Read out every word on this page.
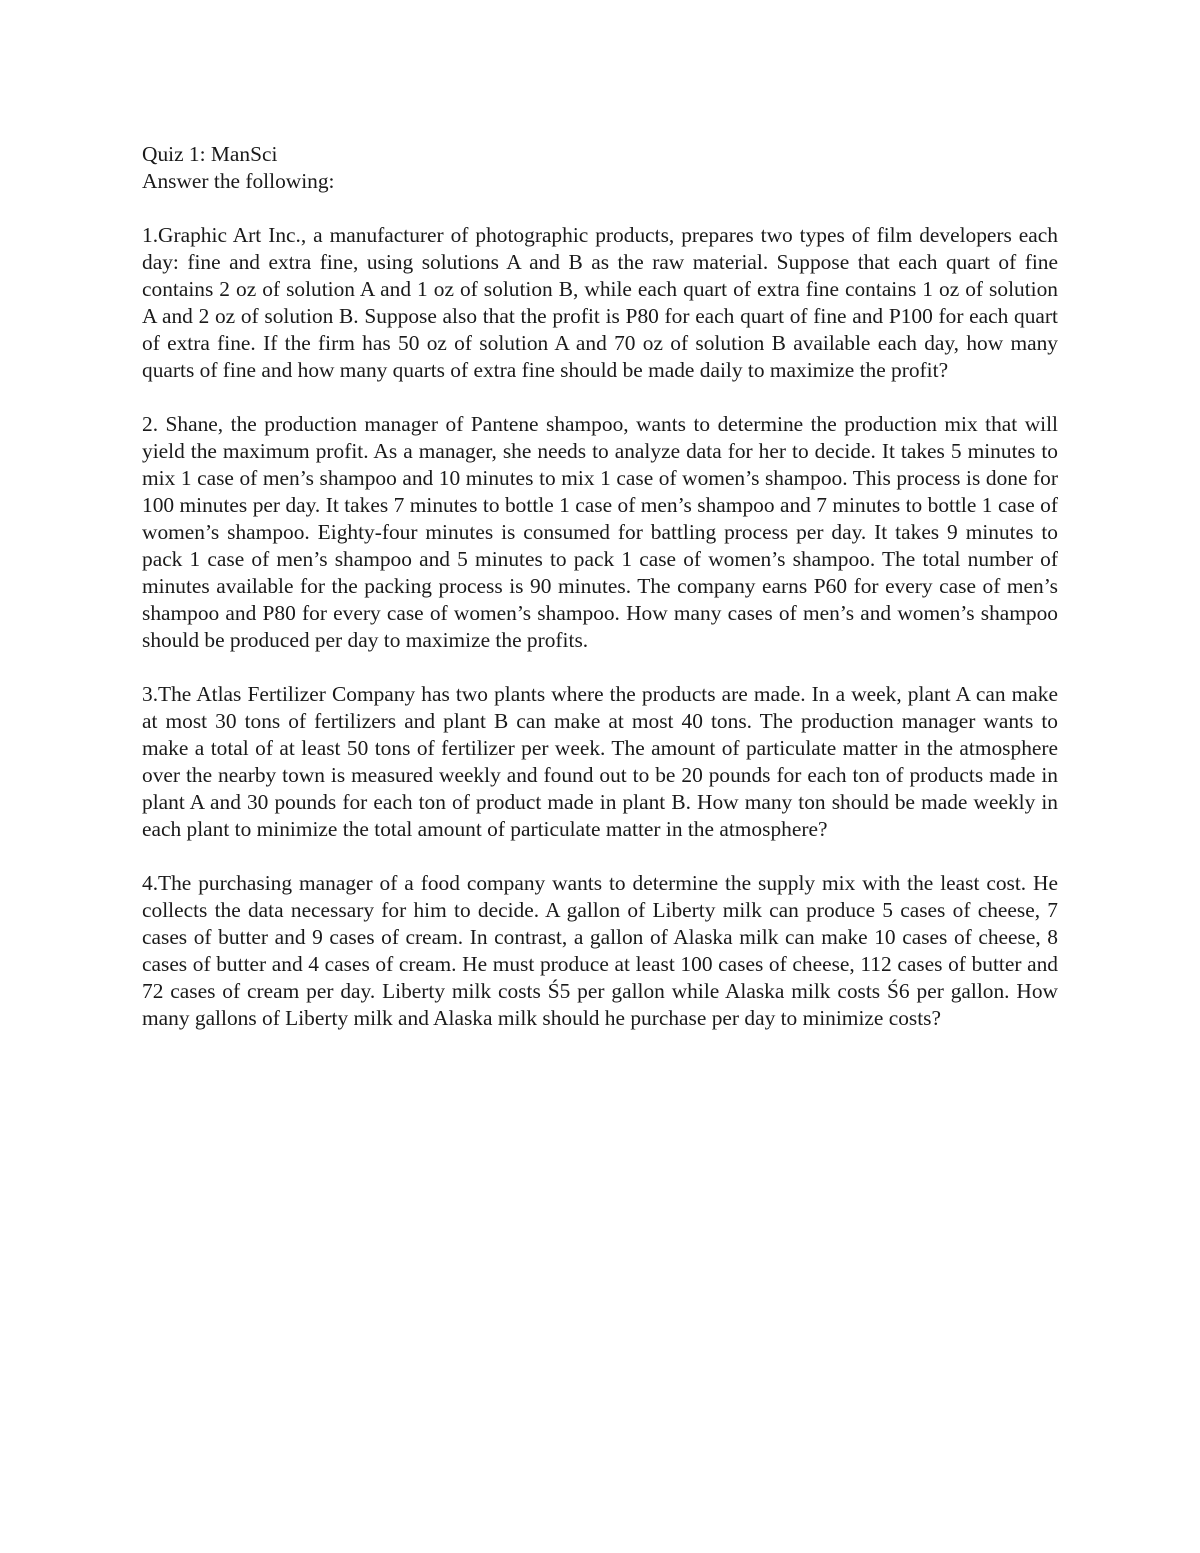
Quiz 1: ManSci
Answer the following:

1.Graphic Art Inc., a manufacturer of photographic products, prepares two types of film developers each day: fine and extra fine, using solutions A and B as the raw material. Suppose that each quart of fine contains 2 oz of solution A and 1 oz of solution B, while each quart of extra fine contains 1 oz of solution A and 2 oz of solution B. Suppose also that the profit is P80 for each quart of fine and P100 for each quart of extra fine. If the firm has 50 oz of solution A and 70 oz of solution B available each day, how many quarts of fine and how many quarts of extra fine should be made daily to maximize the profit?

2. Shane, the production manager of Pantene shampoo, wants to determine the production mix that will yield the maximum profit. As a manager, she needs to analyze data for her to decide. It takes 5 minutes to mix 1 case of men’s shampoo and 10 minutes to mix 1 case of women’s shampoo. This process is done for 100 minutes per day. It takes 7 minutes to bottle 1 case of men’s shampoo and 7 minutes to bottle 1 case of women’s shampoo. Eighty-four minutes is consumed for battling process per day. It takes 9 minutes to pack 1 case of men’s shampoo and 5 minutes to pack 1 case of women’s shampoo. The total number of minutes available for the packing process is 90 minutes. The company earns P60 for every case of men’s shampoo and P80 for every case of women’s shampoo. How many cases of men’s and women’s shampoo should be produced per day to maximize the profits.

3.The Atlas Fertilizer Company has two plants where the products are made. In a week, plant A can make at most 30 tons of fertilizers and plant B can make at most 40 tons. The production manager wants to make a total of at least 50 tons of fertilizer per week. The amount of particulate matter in the atmosphere over the nearby town is measured weekly and found out to be 20 pounds for each ton of products made in plant A and 30 pounds for each ton of product made in plant B. How many ton should be made weekly in each plant to minimize the total amount of particulate matter in the atmosphere?

4.The purchasing manager of a food company wants to determine the supply mix with the least cost. He collects the data necessary for him to decide. A gallon of Liberty milk can produce 5 cases of cheese, 7 cases of butter and 9 cases of cream. In contrast, a gallon of Alaska milk can make 10 cases of cheese, 8 cases of butter and 4 cases of cream. He must produce at least 100 cases of cheese, 112 cases of butter and 72 cases of cream per day. Liberty milk costs Ś5 per gallon while Alaska milk costs Ś6 per gallon. How many gallons of Liberty milk and Alaska milk should he purchase per day to minimize costs?
